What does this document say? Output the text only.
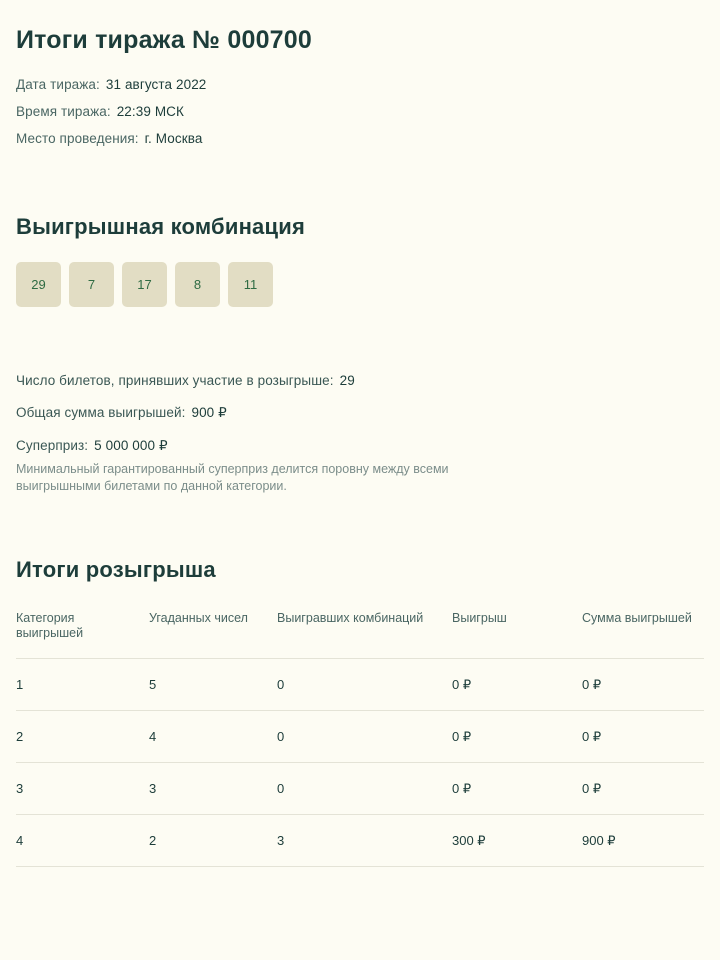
Итоги тиража № 000700
Дата тиража: 31 августа 2022
Время тиража: 22:39 МСК
Место проведения: г. Москва
Выигрышная комбинация
29	7	17	8	11
Число билетов, принявших участие в розыгрыше: 29
Общая сумма выигрышей: 900 ₽
Суперприз: 5 000 000 ₽
Минимальный гарантированный суперприз делится поровну между всеми выигрышными билетами по данной категории.
Итоги розыгрыша
Категория выигрышей	Угаданных чисел	Выигравших комбинаций	Выигрыш	Сумма выигрышей
1	5	0	0 ₽	0 ₽
2	4	0	0 ₽	0 ₽
3	3	0	0 ₽	0 ₽
4	2	3	300 ₽	900 ₽
